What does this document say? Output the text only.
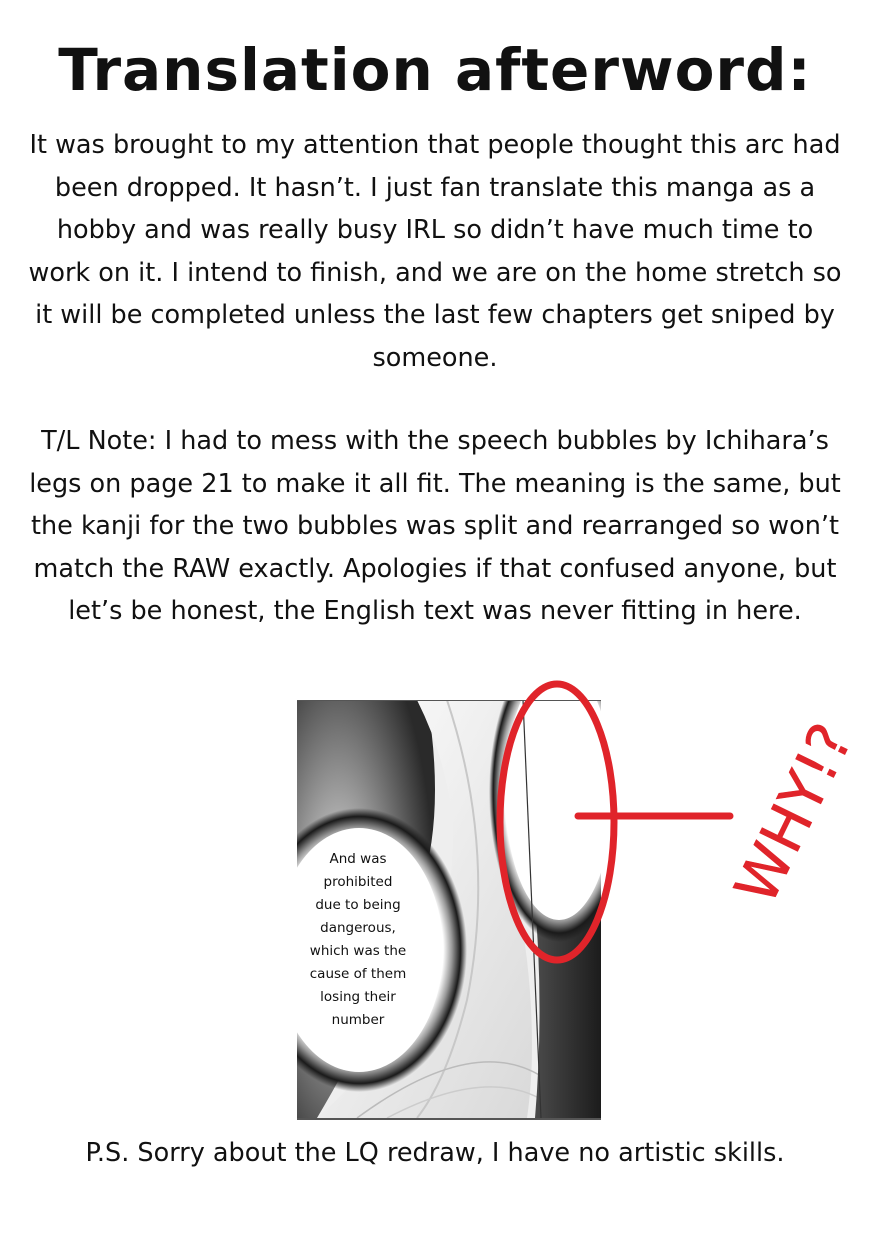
Translation afterword:

It was brought to my attention that people thought this arc had been dropped. It hasn’t. I just fan translate this manga as a hobby and was really busy IRL so didn’t have much time to work on it. I intend to finish, and we are on the home stretch so it will be completed unless the last few chapters get sniped by someone.

T/L Note: I had to mess with the speech bubbles by Ichihara’s legs on page 21 to make it all fit. The meaning is the same, but the kanji for the two bubbles was split and rearranged so won’t match the RAW exactly. Apologies if that confused anyone, but let’s be honest, the English text was never fitting in here.

And was
prohibited
due to being
dangerous,
which was the
cause of them
losing their
number
WHY!?

P.S. Sorry about the LQ redraw, I have no artistic skills.
